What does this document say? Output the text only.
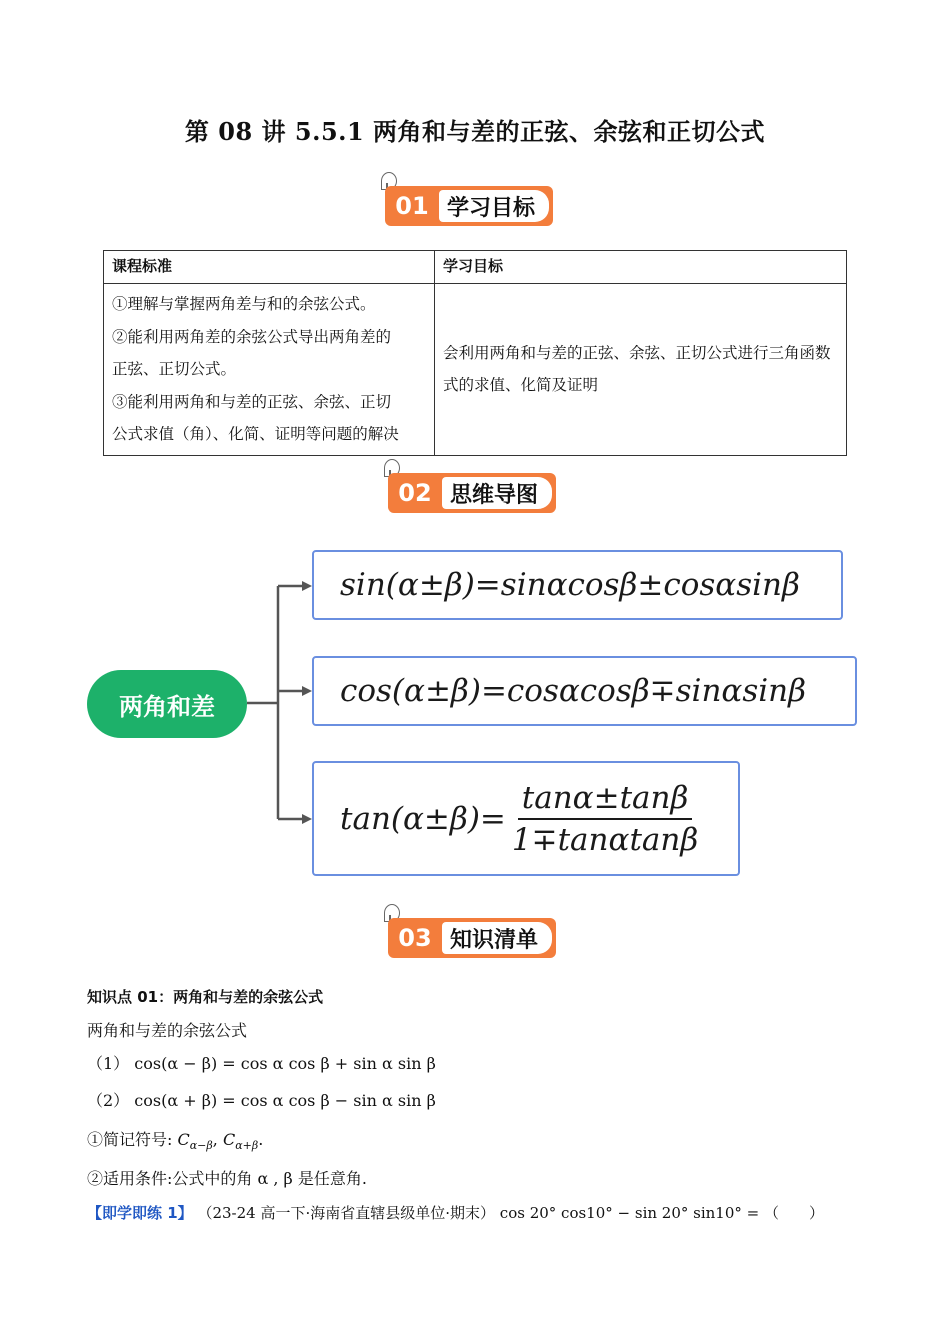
第 08 讲 5.5.1 两角和与差的正弦、余弦和正切公式
01 学习目标
课程标准	学习目标

①理解与掌握两角差与和的余弦公式。
②能利用两角差的余弦公式导出两角差的
正弦、正切公式。
③能利用两角和与差的正弦、余弦、正切
公式求值（角）、化简、证明等问题的解决	会利用两角和与差的正弦、余弦、正切公式进行三角函数式的求值、化简及证明
02 思维导图
两角和差
sin(α±β)=sinαcosβ±cosαsinβ
cos(α±β)=cosαcosβ∓sinαsinβ
$\tan(\alpha\pm\beta)= \frac{\tan\alpha\pm\tan\beta}{1\mp\tan\alpha\tan\beta}$
03 知识清单
知识点 01：两角和与差的余弦公式
两角和与差的余弦公式
（1） cos(α − β) = cos α cos β + sin α sin β
（2） cos(α + β) = cos α cos β − sin α sin β
①简记符号: $C_{\alpha-\beta}$, $C_{\alpha+\beta}$.
②适用条件:公式中的角 α , β 是任意角.
【即学即练 1】 （23-24 高一下·海南省直辖县级单位·期末） cos 20° cos10° − sin 20° sin10° = （　　）
